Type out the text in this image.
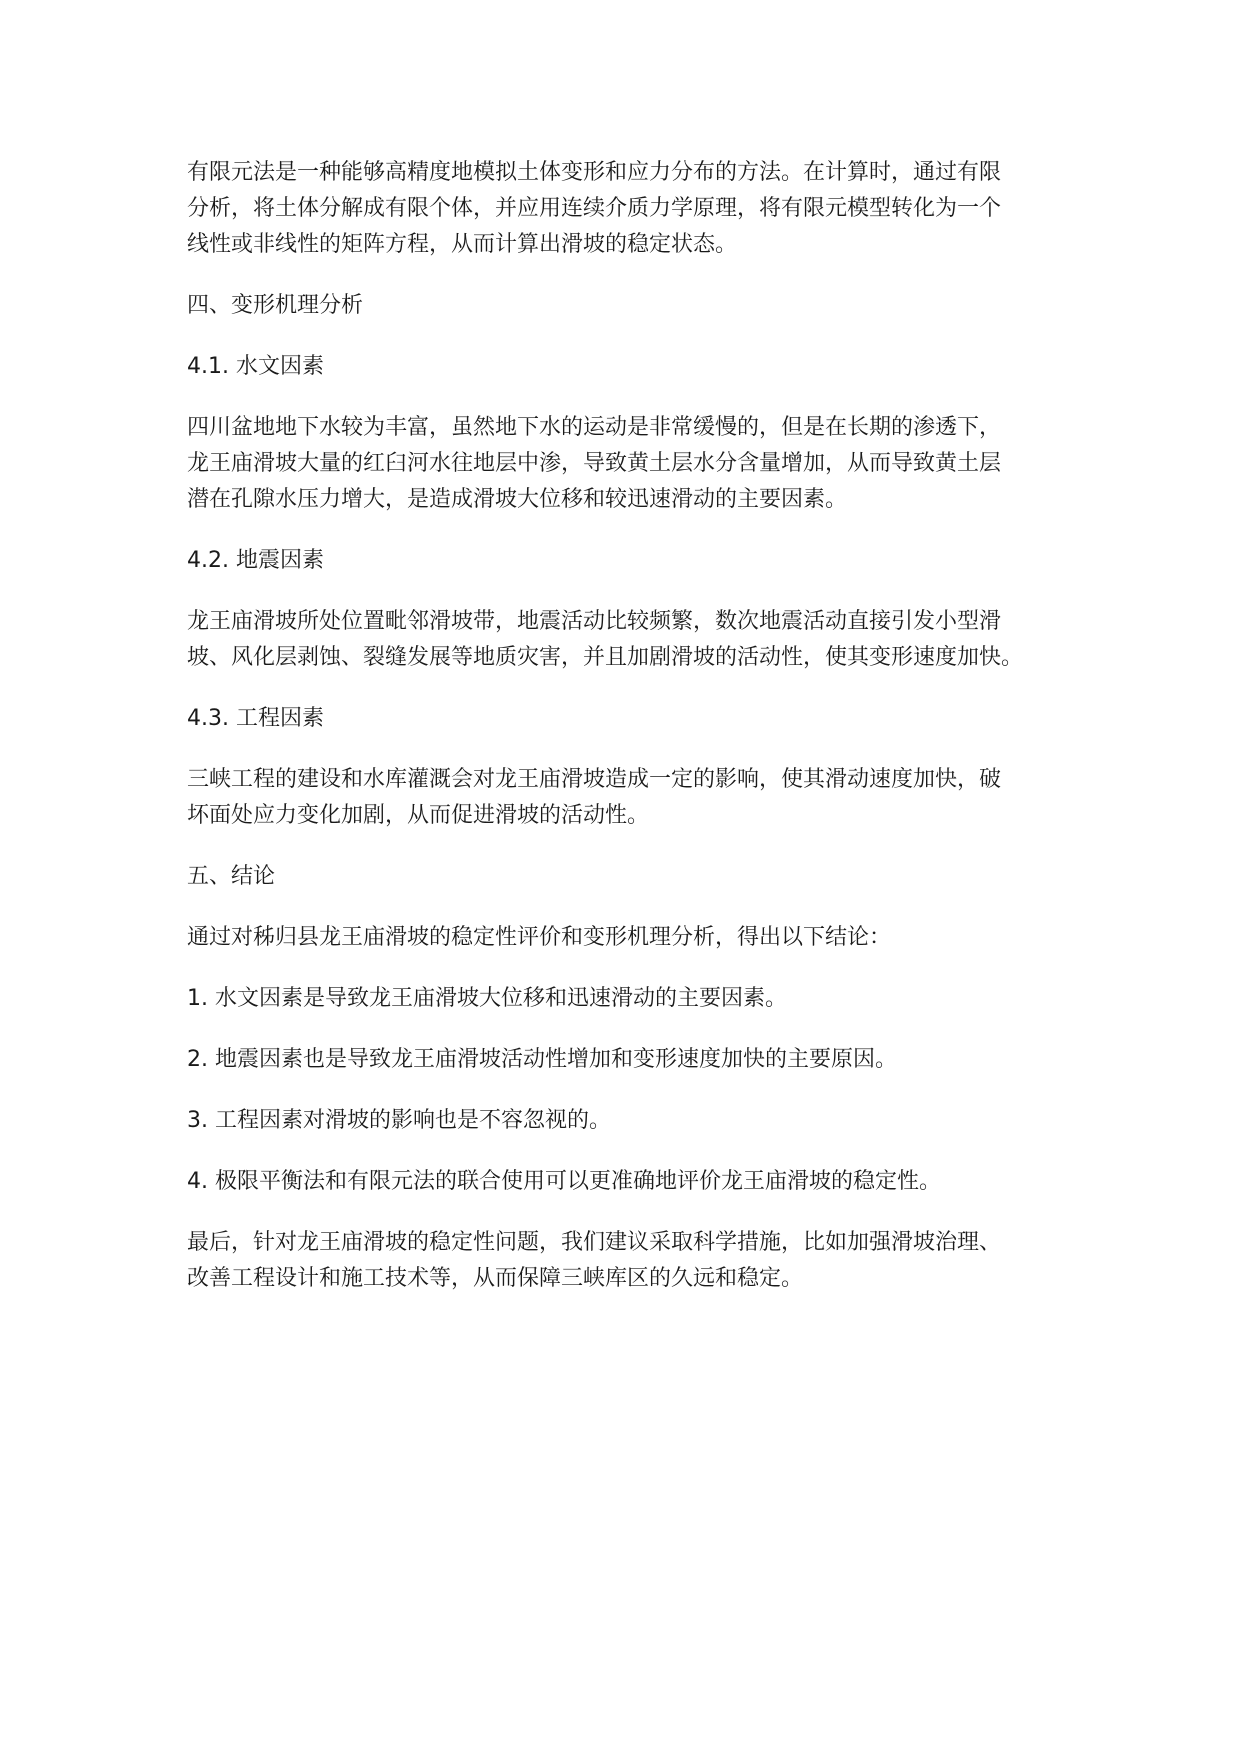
有限元法是一种能够高精度地模拟土体变形和应力分布的方法。在计算时，通过有限
分析，将土体分解成有限个体，并应用连续介质力学原理，将有限元模型转化为一个
线性或非线性的矩阵方程，从而计算出滑坡的稳定状态。

四、变形机理分析

4.1. 水文因素

四川盆地地下水较为丰富，虽然地下水的运动是非常缓慢的，但是在长期的渗透下，
龙王庙滑坡大量的红臼河水往地层中渗，导致黄土层水分含量增加，从而导致黄土层
潜在孔隙水压力增大，是造成滑坡大位移和较迅速滑动的主要因素。

4.2. 地震因素

龙王庙滑坡所处位置毗邻滑坡带，地震活动比较频繁，数次地震活动直接引发小型滑
坡、风化层剥蚀、裂缝发展等地质灾害，并且加剧滑坡的活动性，使其变形速度加快。

4.3. 工程因素

三峡工程的建设和水库灌溉会对龙王庙滑坡造成一定的影响，使其滑动速度加快，破
坏面处应力变化加剧，从而促进滑坡的活动性。

五、结论

通过对秭归县龙王庙滑坡的稳定性评价和变形机理分析，得出以下结论：

1. 水文因素是导致龙王庙滑坡大位移和迅速滑动的主要因素。

2. 地震因素也是导致龙王庙滑坡活动性增加和变形速度加快的主要原因。

3. 工程因素对滑坡的影响也是不容忽视的。

4. 极限平衡法和有限元法的联合使用可以更准确地评价龙王庙滑坡的稳定性。

最后，针对龙王庙滑坡的稳定性问题，我们建议采取科学措施，比如加强滑坡治理、
改善工程设计和施工技术等，从而保障三峡库区的久远和稳定。
